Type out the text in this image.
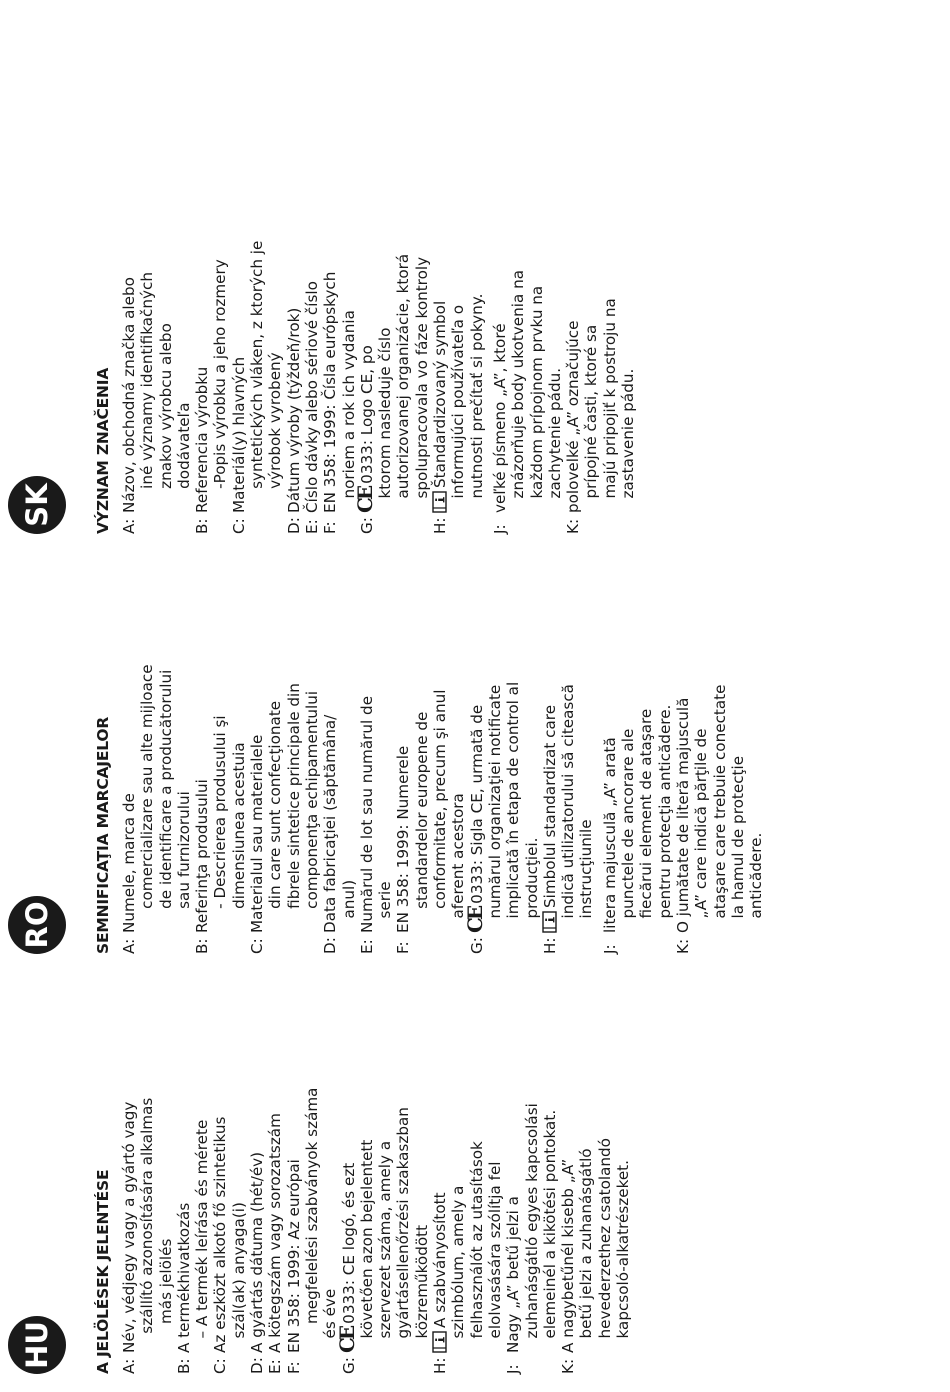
HU	A JELÖLÉSEK JELENTÉSE A:
Név, védjegy vagy a gyártó vagy
szállító azonosítására alkalmas
más jelölés
B:
A termékhivatkozás
– A termék leírása és mérete
C:
Az eszközt alkotó fő szintetikus
szál(ak) anyaga(i)
D:
A gyártás dátuma (hét/év)
E:
A kötegszám vagy sorozatszám
F:
EN 358: 1999: Az európai
megfelelési szabványok száma
és éve
G:
CE0333: CE logó, és ezt
követően azon bejelentett
szervezet száma, amely a
gyártásellenőrzési szakaszban
közreműködött
H:
A szabványosított
szimbólum, amely a
felhasználót az utasítások
elolvasására szólítja fel
J:
Nagy „A” betű jelzi a
zuhanásgátló egyes kapcsolási
elemeinél a kikötési pontokat.
K:
A nagybetűnél kisebb „A”
betű jelzi a zuhanásgátló
hevederzethez csatolandó
kapcsoló-alkatrészeket.
RO	SEMNIFICAŢIA MARCAJELOR A:
Numele, marca de
comercializare sau alte mijloace
de identificare a producătorului
sau furnizorului
B:
Referinţa produsului
- Descrierea produsului şi
dimensiunea acestuia
C:
Materialul sau materialele
din care sunt confecţionate
fibrele sintetice principale din
componenţa echipamentului
D:
Data fabricaţiei (săptămâna/
anul)
E:
Numărul de lot sau numărul de
serie
F:
EN 358: 1999: Numerele
standardelor europene de
conformitate, precum şi anul
aferent acestora
G:
CE0333: Sigla CE, urmată de
numărul organizaţiei notificate
implicată în etapa de control al
producţiei.
H:
Simbolul standardizat care
indică utilizatorului să citească
instrucţiunile
J:
litera majusculă „A” arată
punctele de ancorare ale
fiecărui element de ataşare
pentru protecţia anticădere.
K:
O jumătate de literă majusculă
„A” care indică părţile de
ataşare care trebuie conectate
la hamul de protecţie
anticădere.
SK	VÝZNAM ZNAČENIA A:
Názov, obchodná značka alebo
iné významy identifikačných
znakov výrobcu alebo
dodávateľa
B:
Referencia výrobku
-Popis výrobku a jeho rozmery
C:
Materiál(y) hlavných
syntetických vláken, z ktorých je
výrobok vyrobený
D:
Dátum výroby (týždeň/rok)
E:
Číslo dávky alebo sériové číslo
F:
EN 358: 1999: Čísla európskych
noriem a rok ich vydania
G:
CE0333: Logo CE, po
ktorom nasleduje číslo
autorizovanej organizácie, ktorá
spolupracovala vo fáze kontroly
H:
Štandardizovaný symbol
informujúci používateľa o
nutnosti prečítať si pokyny.
J:
veľké písmeno „A”, ktoré
znázorňuje body ukotvenia na
každom prípojnom prvku na
zachytenie pádu.
K:
polovelké „A” označujúce
prípojné časti, ktoré sa
majú pripojiť k postroju na
zastavenie pádu.
